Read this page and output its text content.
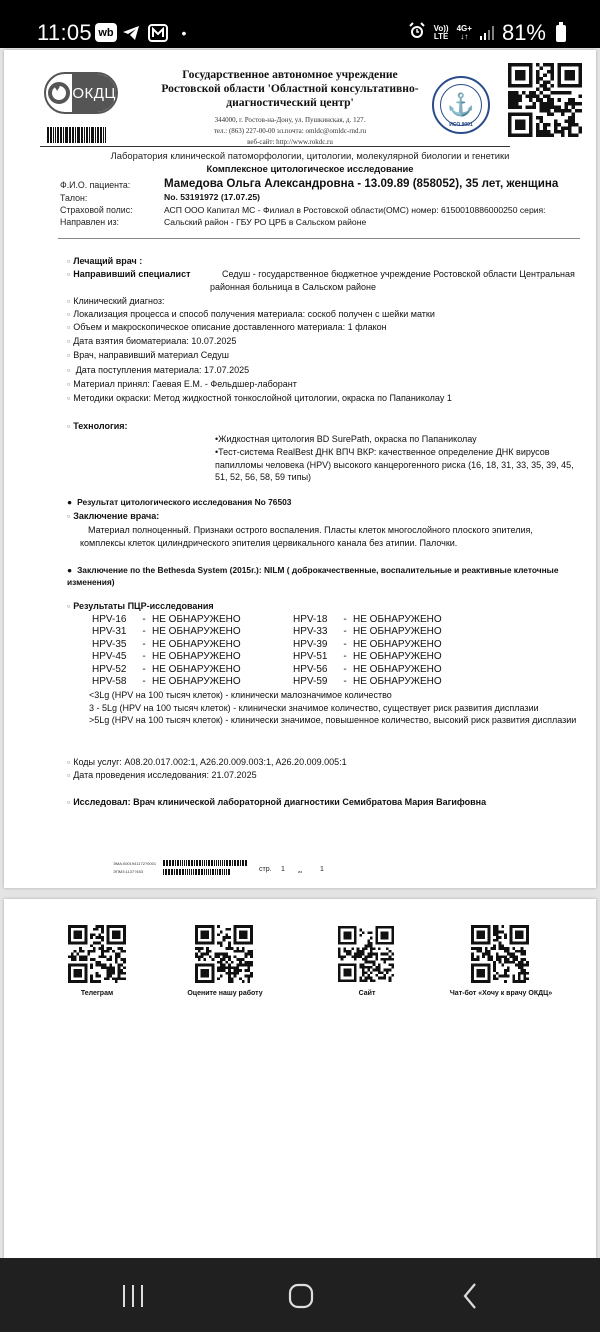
11:05 wb	•	Vo))
LTE
4G+
↓↑ 81%
♥
ОКДЦ
Государственное автономное учреждение
Ростовской области 'Областной консультативно-
диагностический центр'
344000, г. Ростов-на-Дону, ул. Пушкинская, д. 127.
тел.: (863) 227-00-00 эл.почта: omldc@omldc-rnd.ru
веб-сайт: http://www.rokdc.ru
⚓
ИСО 9001
Лаборатория клинической патоморфологии, цитологии, молекулярной биологии и генетики
Комплексное цитологическое исследование
Ф.И.О. пациента:	Мамедова Ольга Александровна - 13.09.89 (858052), 35 лет, женщина
Талон:	No. 53191972 (17.07.25)
Страховой полис:	АСП ООО Капитал МС - Филиал в Ростовской области(ОМС) номер: 6150010886000250 серия:
Направлен из:	Сальский район - ГБУ РО ЦРБ в Сальском районе
▫ Лечащий врач :
▫ Направивший специалист	Седуш - государственное бюджетное учреждение Ростовской области Центральная
районная больница в Сальском районе
▫ Клинический диагноз:
▫ Локализация процесса и способ получения материала: соскоб получен с шейки матки
▫ Объем и макроскопическое описание доставленного материала: 1 флакон
▫ Дата взятия биоматериала: 10.07.2025
▫ Врач, направивший материал Седуш
▫ Дата поступления материала: 17.07.2025
▫ Материал принял: Гаевая Е.М. - Фельдшер-лаборант
▫ Методики окраски: Метод жидкостной тонкослойной цитологии, окраска по Папаниколау 1
▫ Технология:
•Жидкостная цитология BD SurePath, окраска по Папаниколау
•Тест-система RealBest ДНК ВПЧ ВКР: качественное определение ДНК вирусов
папилломы человека (HPV) высокого канцерогенного риска (16, 18, 31, 33, 35, 39, 45,
51, 52, 56, 58, 59 типы)
● Результат цитологического исследования No 76503
▫ Заключение врача:
Материал полноценный. Признаки острого воспаления. Пласты клеток многослойного плоского эпителия,
комплексы клеток цилиндрического эпителия цервикального канала без атипии. Палочки.
● Заключение по the Bethesda System (2015г.): NILM ( доброкачественные, воспалительные и реактивные клеточные
изменения)
▫ Результаты ПЦР-исследования
HPV-16 - НЕ ОБНАРУЖЕНО	HPV-18 - НЕ ОБНАРУЖЕНО
HPV-31 - НЕ ОБНАРУЖЕНО	HPV-33 - НЕ ОБНАРУЖЕНО
HPV-35 - НЕ ОБНАРУЖЕНО	HPV-39 - НЕ ОБНАРУЖЕНО
HPV-45 - НЕ ОБНАРУЖЕНО	HPV-51 - НЕ ОБНАРУЖЕНО
HPV-52 - НЕ ОБНАРУЖЕНО	HPV-56 - НЕ ОБНАРУЖЕНО
HPV-58 - НЕ ОБНАРУЖЕНО	HPV-59 - НЕ ОБНАРУЖЕНО
<3Lg (HPV на 100 тысяч клеток) - клинически малозначимое количество
3 - 5Lg (HPV на 100 тысяч клеток) - клинически значимое количество, существует риск развития дисплазии
>5Lg (HPV на 100 тысяч клеток) - клинически значимое, повышенное количество, высокий риск развития дисплазии
▫ Коды услуг: A08.20.017.002:1, A26.20.009.003:1, A26.20.009.005:1
▫ Дата проведения исследования: 21.07.2025
▫ Исследовал: Врач клинической лабораторной диагностики Семибратова Мария Вагифовна
ЭМА:0001941172?0001
ЭПМЗ:1137?453	стр. 1	из	1
Телеграм	Оцените нашу работу	Сайт	Чат-бот «Хочу к врачу ОКДЦ»
